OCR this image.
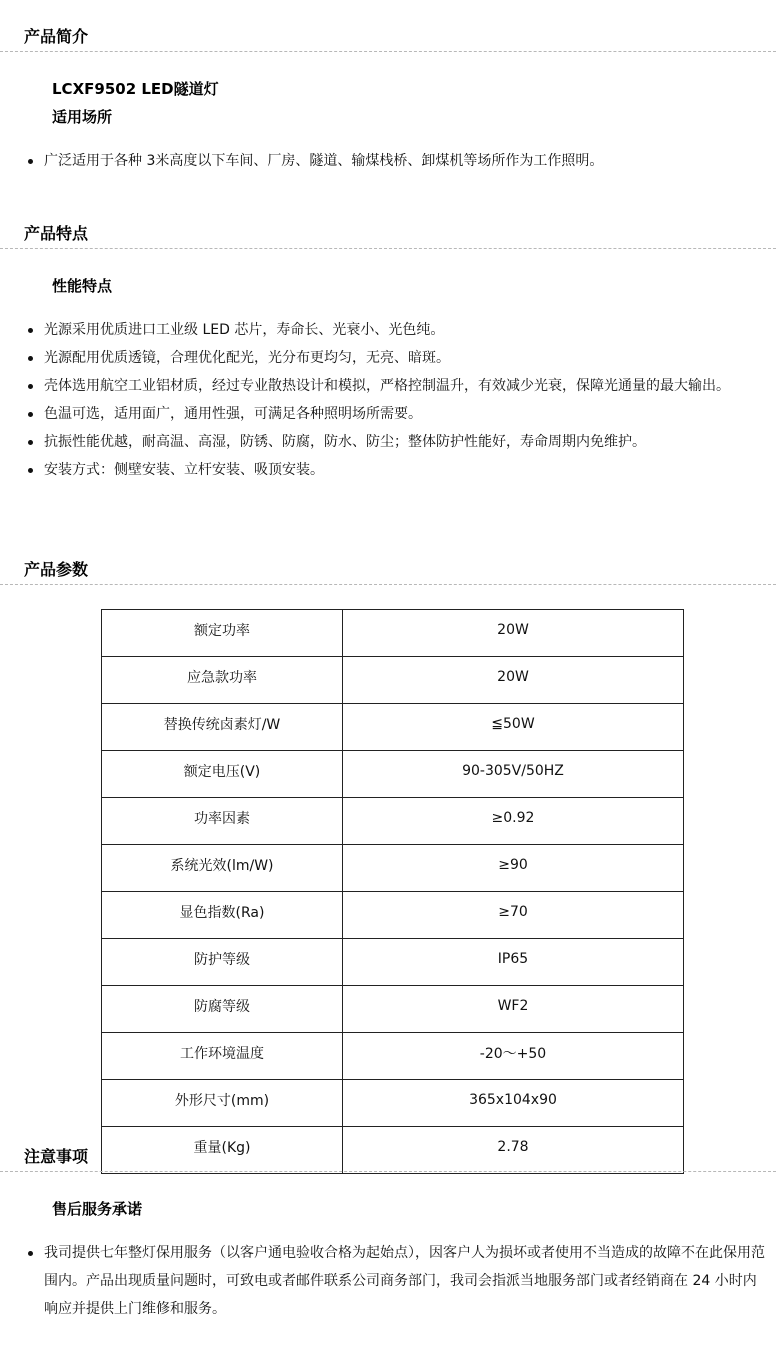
产品简介
LCXF9502 LED隧道灯
适用场所
广泛适用于各种 3米高度以下车间、厂房、隧道、输煤栈桥、卸煤机等场所作为工作照明。
产品特点
性能特点
光源采用优质进口工业级 LED 芯片，寿命长、光衰小、光色纯。
光源配用优质透镜，合理优化配光，光分布更均匀，无亮、暗斑。
壳体选用航空工业铝材质，经过专业散热设计和模拟，严格控制温升，有效减少光衰，保障光通量的最大输出。
色温可选，适用面广，通用性强，可满足各种照明场所需要。
抗振性能优越，耐高温、高湿，防锈、防腐，防水、防尘；整体防护性能好，寿命周期内免维护。
安装方式：侧壁安装、立杆安装、吸顶安装。
产品参数
额定功率	20W
应急款功率	20W
替换传统卤素灯/W	≦50W
额定电压(V)	90-305V/50HZ
功率因素	≥0.92
系统光效(lm/W)	≥90
显色指数(Ra)	≥70
防护等级	IP65
防腐等级	WF2
工作环境温度	-20～+50
外形尺寸(mm)	365x104x90
重量(Kg)	2.78
注意事项
售后服务承诺
我司提供七年整灯保用服务（以客户通电验收合格为起始点），因客户人为损坏或者使用不当造成的故障不在此保用范围内。产品出现质量问题时，可致电或者邮件联系公司商务部门，我司会指派当地服务部门或者经销商在 24 小时内响应并提供上门维修和服务。
